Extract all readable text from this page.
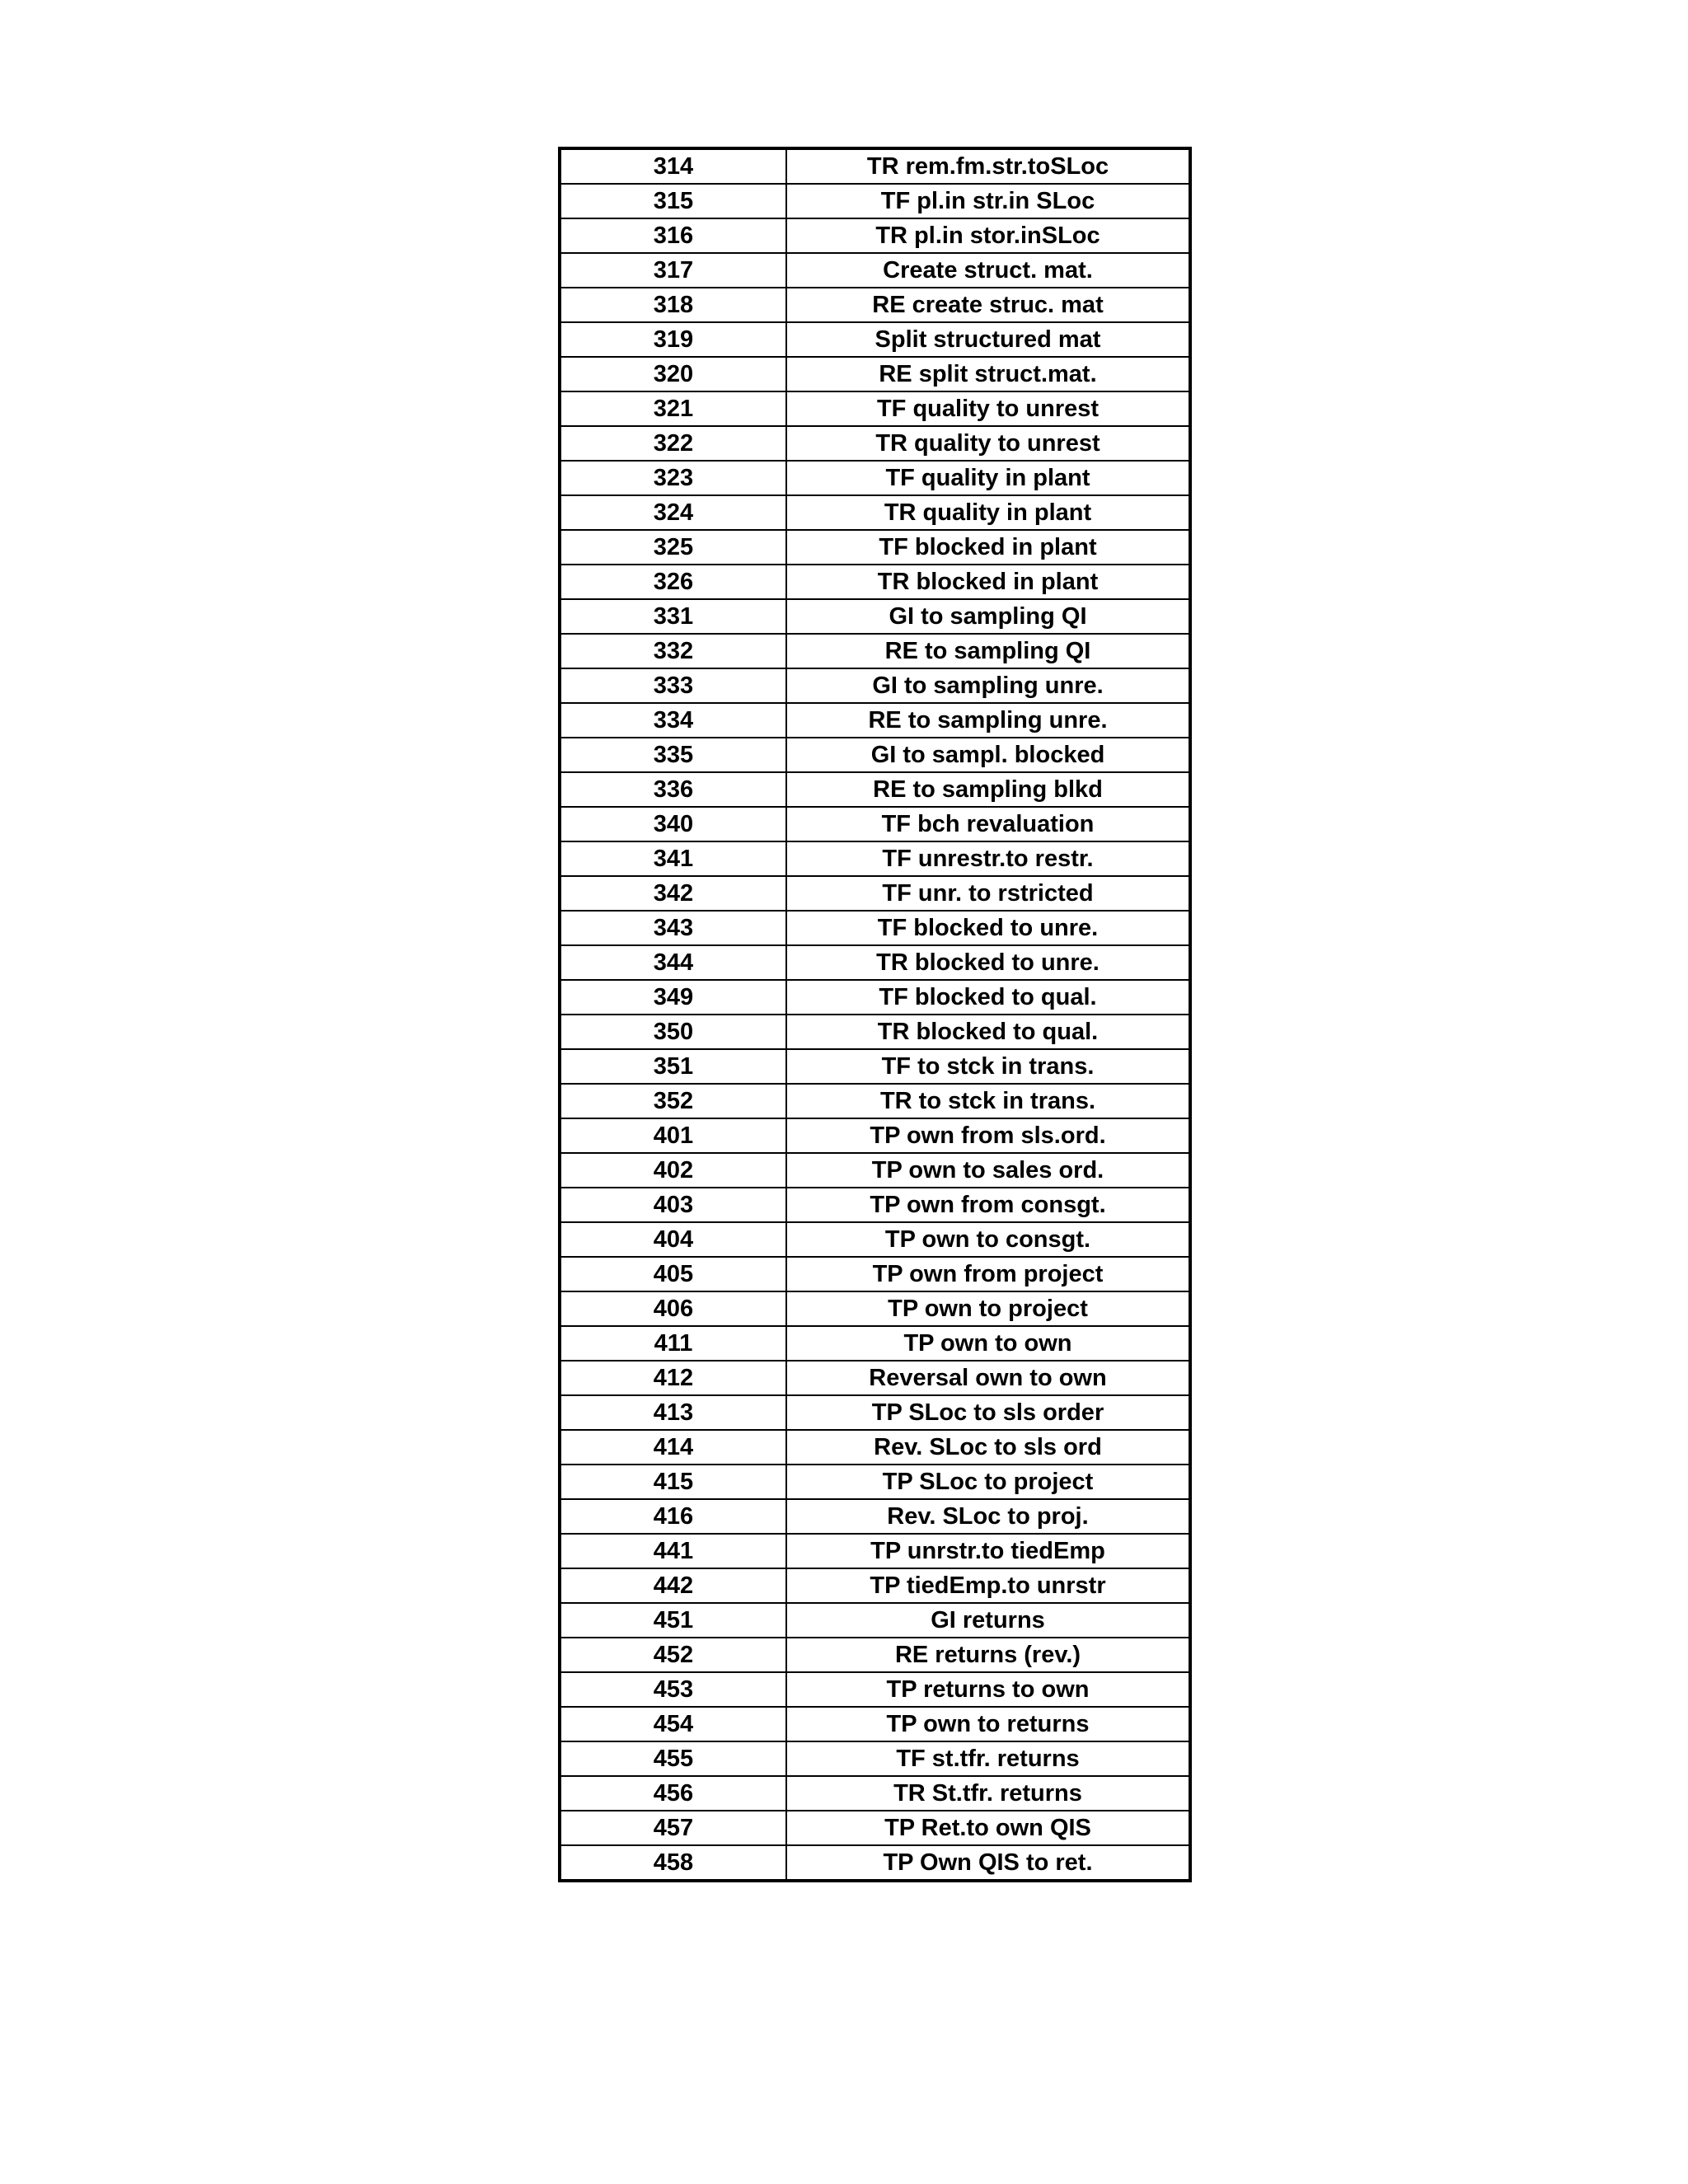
314	TR rem.fm.str.toSLoc
315	TF pl.in str.in SLoc
316	TR pl.in stor.inSLoc
317	Create struct. mat.
318	RE create struc. mat
319	Split structured mat
320	RE split struct.mat.
321	TF quality to unrest
322	TR quality to unrest
323	TF quality in plant
324	TR quality in plant
325	TF blocked in plant
326	TR blocked in plant
331	GI to sampling QI
332	RE to sampling QI
333	GI to sampling unre.
334	RE to sampling unre.
335	GI to sampl. blocked
336	RE to sampling blkd
340	TF bch revaluation
341	TF unrestr.to restr.
342	TF unr. to rstricted
343	TF blocked to unre.
344	TR blocked to unre.
349	TF blocked to qual.
350	TR blocked to qual.
351	TF to stck in trans.
352	TR to stck in trans.
401	TP own from sls.ord.
402	TP own to sales ord.
403	TP own from consgt.
404	TP own to consgt.
405	TP own from project
406	TP own to project
411	TP own to own
412	Reversal own to own
413	TP SLoc to sls order
414	Rev. SLoc to sls ord
415	TP SLoc to project
416	Rev. SLoc to proj.
441	TP unrstr.to tiedEmp
442	TP tiedEmp.to unrstr
451	GI returns
452	RE returns (rev.)
453	TP returns to own
454	TP own to returns
455	TF st.tfr. returns
456	TR St.tfr. returns
457	TP Ret.to own QIS
458	TP Own QIS to ret.
